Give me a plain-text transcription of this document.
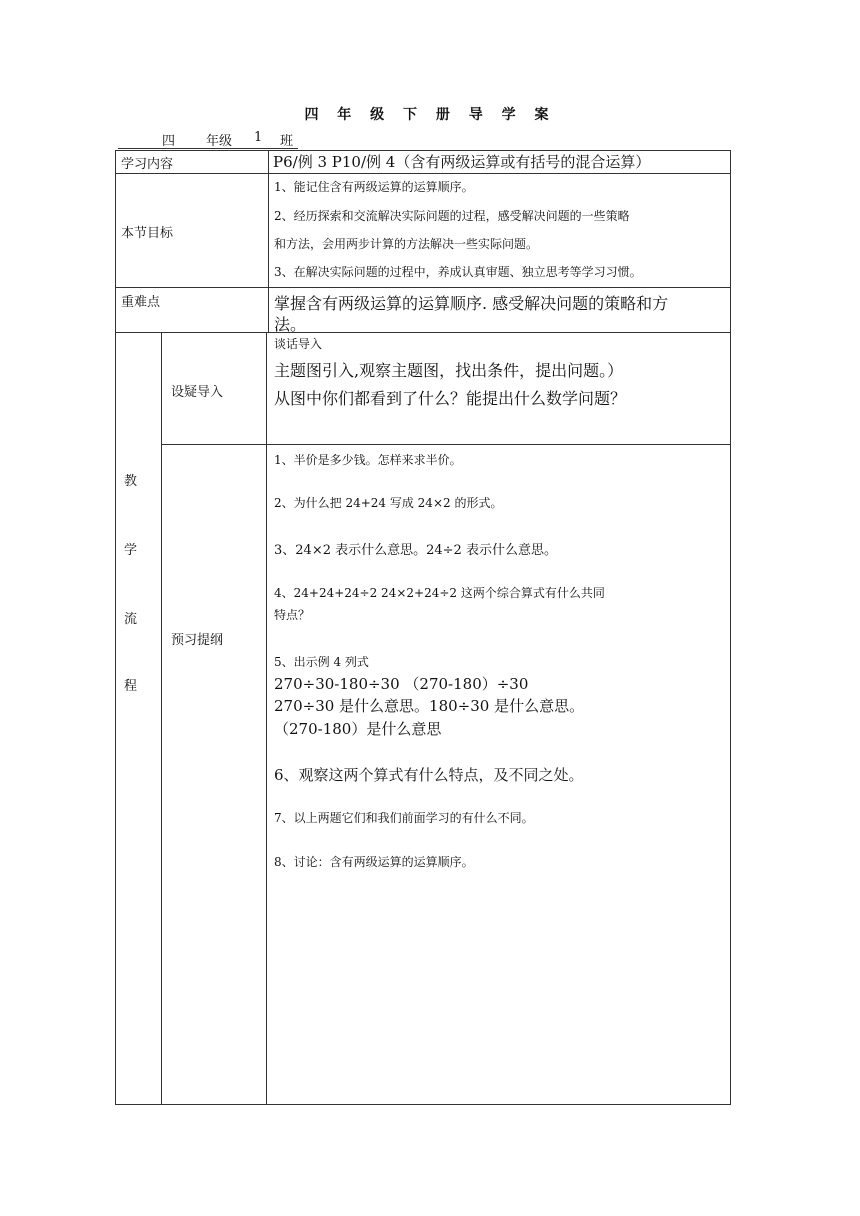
四 年 级 下 册 导 学 案
四 年级 1 班
学习内容	P6/例 3 P10/例 4（含有两级运算或有括号的混合运算）
本节目标
1、能记住含有两级运算的运算顺序。
2、经历探索和交流解决实际问题的过程，感受解决问题的一些策略
和方法，会用两步计算的方法解决一些实际问题。
3、在解决实际问题的过程中，养成认真审题、独立思考等学习习惯。
重难点	掌握含有两级运算的运算顺序. 感受解决问题的策略和方
法。
教
学
流
程
设疑导入
谈话导入
主题图引入,观察主题图，找出条件，提出问题。）
从图中你们都看到了什么？能提出什么数学问题？
预习提纲
1、半价是多少钱。怎样来求半价。
2、为什么把 24+24 写成 24×2 的形式。
3、24×2 表示什么意思。24÷2 表示什么意思。
4、24+24+24÷2 24×2+24÷2 这两个综合算式有什么共同
特点？
5、出示例 4 列式
270÷30-180÷30 （270-180）÷30
270÷30 是什么意思。180÷30 是什么意思。
（270-180）是什么意思
6、观察这两个算式有什么特点，及不同之处。
7、以上两题它们和我们前面学习的有什么不同。
8、讨论：含有两级运算的运算顺序。
